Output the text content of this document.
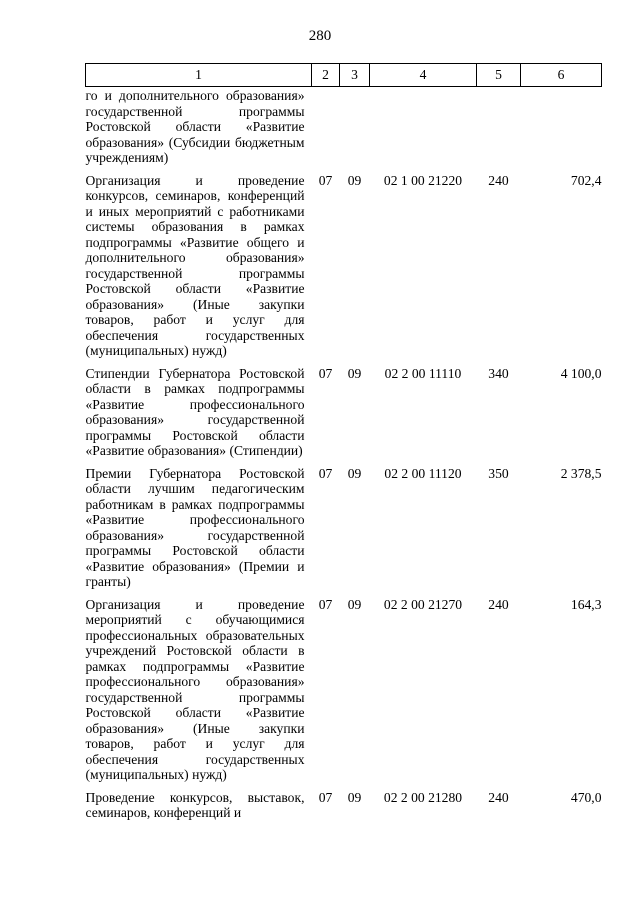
280
1	2	3	4	5	6
го и дополнительного образования» государственной программы Ростовской области «Развитие образования» (Субсидии бюджетным учреждениям)					
Организация и проведение конкурсов, семинаров, конференций и иных мероприятий с работниками системы образования в рамках подпрограммы «Развитие общего и дополнительного образования» государственной программы Ростовской области «Развитие образования» (Иные закупки товаров, работ и услуг для обеспечения государственных (муниципальных) нужд)	07	09	02 1 00 21220	240	702,4
Стипендии Губернатора Ростовской области в рамках подпрограммы «Развитие профессионального образования» государственной программы Ростовской области «Развитие образования» (Стипендии)	07	09	02 2 00 11110	340	4 100,0
Премии Губернатора Ростовской области лучшим педагогическим работникам в рамках подпрограммы «Развитие профессионального образования» государственной программы Ростовской области «Развитие образования» (Премии и гранты)	07	09	02 2 00 11120	350	2 378,5
Организация и проведение мероприятий с обучающимися профессиональных образовательных учреждений Ростовской области в рамках подпрограммы «Развитие профессионального образования» государственной программы Ростовской области «Развитие образования» (Иные закупки товаров, работ и услуг для обеспечения государственных (муниципальных) нужд)	07	09	02 2 00 21270	240	164,3
Проведение конкурсов, выставок, семинаров, конференций и	07	09	02 2 00 21280	240	470,0
